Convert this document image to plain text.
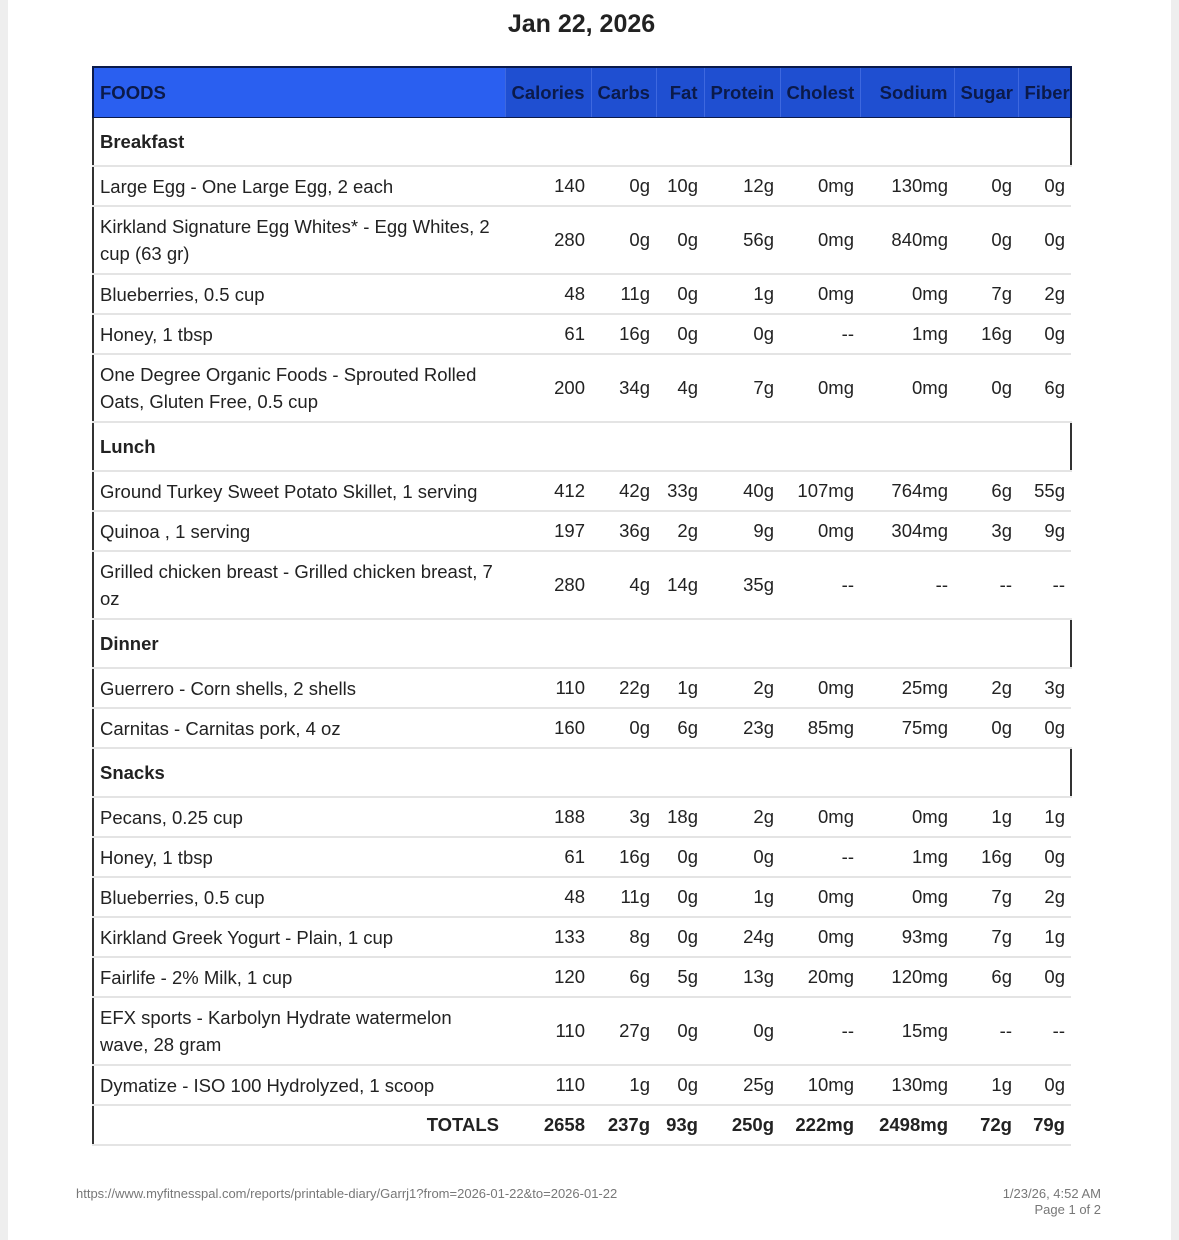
Jan 22, 2026
FOODS	Calories	Carbs	Fat	Protein	Cholest	Sodium	Sugar	Fiber
Breakfast								
Large Egg - One Large Egg, 2 each	140	0g	10g	12g	0mg	130mg	0g	0g
Kirkland Signature Egg Whites* - Egg Whites, 2 cup (63 gr)	280	0g	0g	56g	0mg	840mg	0g	0g
Blueberries, 0.5 cup	48	11g	0g	1g	0mg	0mg	7g	2g
Honey, 1 tbsp	61	16g	0g	0g	--	1mg	16g	0g
One Degree Organic Foods - Sprouted Rolled Oats, Gluten Free, 0.5 cup	200	34g	4g	7g	0mg	0mg	0g	6g
Lunch								
Ground Turkey Sweet Potato Skillet, 1 serving	412	42g	33g	40g	107mg	764mg	6g	55g
Quinoa , 1 serving	197	36g	2g	9g	0mg	304mg	3g	9g
Grilled chicken breast - Grilled chicken breast, 7 oz	280	4g	14g	35g	--	--	--	--
Dinner								
Guerrero - Corn shells, 2 shells	110	22g	1g	2g	0mg	25mg	2g	3g
Carnitas - Carnitas pork, 4 oz	160	0g	6g	23g	85mg	75mg	0g	0g
Snacks								
Pecans, 0.25 cup	188	3g	18g	2g	0mg	0mg	1g	1g
Honey, 1 tbsp	61	16g	0g	0g	--	1mg	16g	0g
Blueberries, 0.5 cup	48	11g	0g	1g	0mg	0mg	7g	2g
Kirkland Greek Yogurt - Plain, 1 cup	133	8g	0g	24g	0mg	93mg	7g	1g
Fairlife - 2% Milk, 1 cup	120	6g	5g	13g	20mg	120mg	6g	0g
EFX sports - Karbolyn Hydrate watermelon wave, 28 gram	110	27g	0g	0g	--	15mg	--	--
Dymatize - ISO 100 Hydrolyzed, 1 scoop	110	1g	0g	25g	10mg	130mg	1g	0g
TOTALS	2658	237g	93g	250g	222mg	2498mg	72g	79g
https://www.myfitnesspal.com/reports/printable-diary/Garrj1?from=2026-01-22&to=2026-01-22	1/23/26, 4:52 AM
Page 1 of 2
